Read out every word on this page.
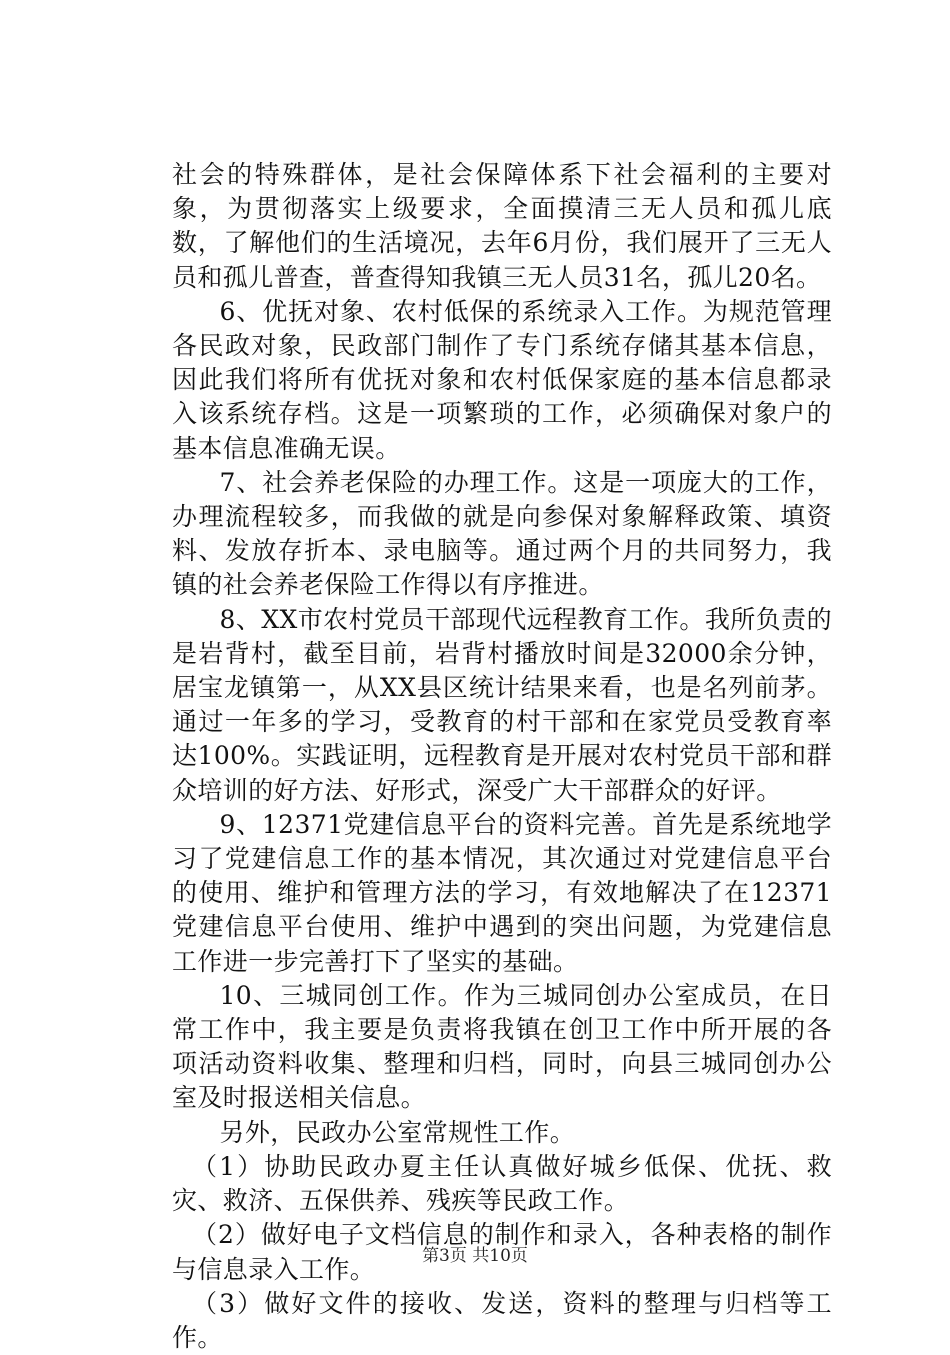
社会的特殊群体，是社会保障体系下社会福利的主要对象，为贯彻落实上级要求，全面摸清三无人员和孤儿底数，了解他们的生活境况，去年6月份，我们展开了三无人员和孤儿普查，普查得知我镇三无人员31名，孤儿20名。

6、优抚对象、农村低保的系统录入工作。为规范管理各民政对象，民政部门制作了专门系统存储其基本信息，因此我们将所有优抚对象和农村低保家庭的基本信息都录入该系统存档。这是一项繁琐的工作，必须确保对象户的基本信息准确无误。

7、社会养老保险的办理工作。这是一项庞大的工作，办理流程较多，而我做的就是向参保对象解释政策、填资料、发放存折本、录电脑等。通过两个月的共同努力，我镇的社会养老保险工作得以有序推进。

8、XX市农村党员干部现代远程教育工作。我所负责的是岩背村，截至目前，岩背村播放时间是32000余分钟，居宝龙镇第一，从XX县区统计结果来看，也是名列前茅。通过一年多的学习，受教育的村干部和在家党员受教育率达100%。实践证明，远程教育是开展对农村党员干部和群众培训的好方法、好形式，深受广大干部群众的好评。

9、12371党建信息平台的资料完善。首先是系统地学习了党建信息工作的基本情况，其次通过对党建信息平台的使用、维护和管理方法的学习，有效地解决了在12371党建信息平台使用、维护中遇到的突出问题，为党建信息工作进一步完善打下了坚实的基础。

10、三城同创工作。作为三城同创办公室成员，在日常工作中，我主要是负责将我镇在创卫工作中所开展的各项活动资料收集、整理和归档，同时，向县三城同创办公室及时报送相关信息。

另外，民政办公室常规性工作。

（1）协助民政办夏主任认真做好城乡低保、优抚、救灾、救济、五保供养、残疾等民政工作。

（2）做好电子文档信息的制作和录入，各种表格的制作与信息录入工作。

（3）做好文件的接收、发送，资料的整理与归档等工作。

第3页 共10页
